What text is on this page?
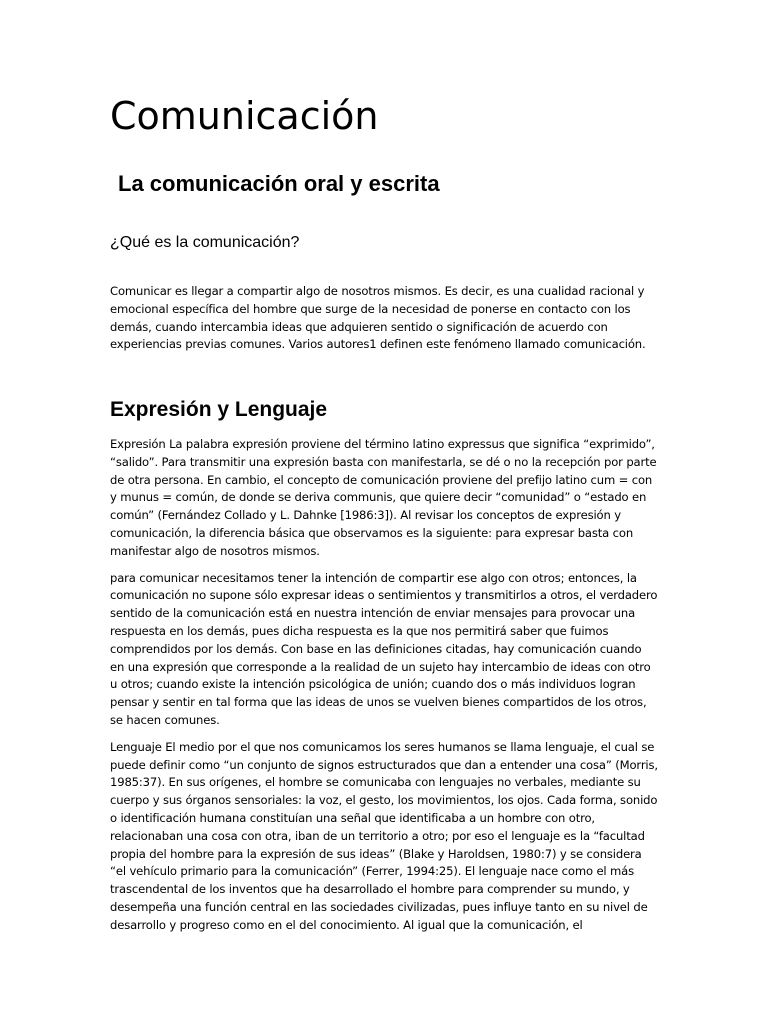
Comunicación
La comunicación oral y escrita
¿Qué es la comunicación?

Comunicar es llegar a compartir algo de nosotros mismos. Es decir, es una cualidad racional y emocional específica del hombre que surge de la necesidad de ponerse en contacto con los demás, cuando intercambia ideas que adquieren sentido o significación de acuerdo con experiencias previas comunes. Varios autores1 definen este fenómeno llamado comunicación.

Expresión y Lenguaje

Expresión La palabra expresión proviene del término latino expressus que significa “exprimido”, “salido”. Para transmitir una expresión basta con manifestarla, se dé o no la recepción por parte de otra persona. En cambio, el concepto de comunicación proviene del prefijo latino cum = con y munus = común, de donde se deriva communis, que quiere decir “comunidad” o “estado en común” (Fernández Collado y L. Dahnke [1986:3]). Al revisar los conceptos de expresión y comunicación, la diferencia básica que observamos es la siguiente: para expresar basta con manifestar algo de nosotros mismos.

para comunicar necesitamos tener la intención de compartir ese algo con otros; entonces, la comunicación no supone sólo expresar ideas o sentimientos y transmitirlos a otros, el verdadero sentido de la comunicación está en nuestra intención de enviar mensajes para provocar una respuesta en los demás, pues dicha respuesta es la que nos permitirá saber que fuimos comprendidos por los demás. Con base en las definiciones citadas, hay comunicación cuando en una expresión que corresponde a la realidad de un sujeto hay intercambio de ideas con otro u otros; cuando existe la intención psicológica de unión; cuando dos o más individuos logran pensar y sentir en tal forma que las ideas de unos se vuelven bienes compartidos de los otros, se hacen comunes.

Lenguaje El medio por el que nos comunicamos los seres humanos se llama lenguaje, el cual se puede definir como “un conjunto de signos estructurados que dan a entender una cosa” (Morris, 1985:37). En sus orígenes, el hombre se comunicaba con lenguajes no verbales, mediante su cuerpo y sus órganos sensoriales: la voz, el gesto, los movimientos, los ojos. Cada forma, sonido o identificación humana constituían una señal que identificaba a un hombre con otro, relacionaban una cosa con otra, iban de un territorio a otro; por eso el lenguaje es la “facultad propia del hombre para la expresión de sus ideas” (Blake y Haroldsen, 1980:7) y se considera “el vehículo primario para la comunicación” (Ferrer, 1994:25). El lenguaje nace como el más trascendental de los inventos que ha desarrollado el hombre para comprender su mundo, y desempeña una función central en las sociedades civilizadas, pues influye tanto en su nivel de desarrollo y progreso como en el del conocimiento. Al igual que la comunicación, el
